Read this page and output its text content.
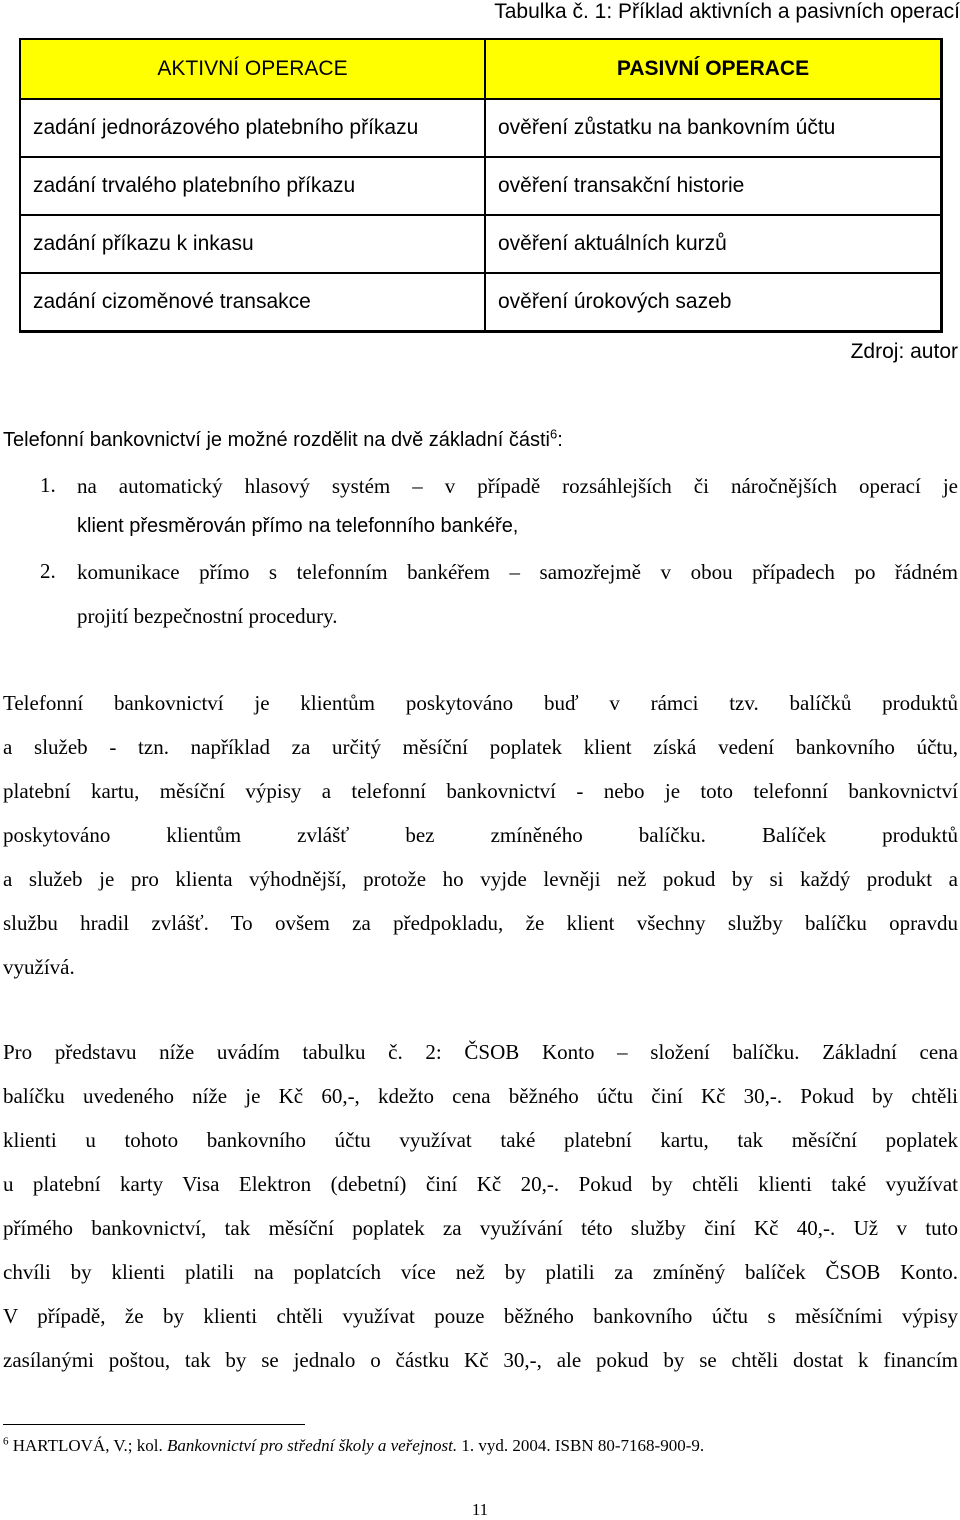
Tabulka č. 1: Příklad aktivních a pasivních operací
AKTIVNÍ OPERACE	PASIVNÍ OPERACE
zadání jednorázového platebního příkazu	ověření zůstatku na bankovním účtu
zadání trvalého platebního příkazu	ověření transakční historie
zadání příkazu k inkasu	ověření aktuálních kurzů
zadání cizoměnové transakce	ověření úrokových sazeb
Zdroj: autor
Telefonní bankovnictví je možné rozdělit na dvě základní části$^6$:
1. na automatický hlasový systém – v případě rozsáhlejších či náročnějších operací je
klient přesměrován přímo na telefonního bankéře,
2. komunikace přímo s telefonním bankéřem – samozřejmě v obou případech po řádném
projití bezpečnostní procedury.
Telefonní bankovnictví je klientům poskytováno buď v rámci tzv. balíčků produktů
a služeb - tzn. například za určitý měsíční poplatek klient získá vedení bankovního účtu,
platební kartu, měsíční výpisy a telefonní bankovnictví - nebo je toto telefonní bankovnictví
poskytováno klientům zvlášť bez zmíněného balíčku. Balíček produktů
a služeb je pro klienta výhodnější, protože ho vyjde levněji než pokud by si každý produkt a
službu hradil zvlášť. To ovšem za předpokladu, že klient všechny služby balíčku opravdu
využívá.
Pro představu níže uvádím tabulku č. 2: ČSOB Konto – složení balíčku. Základní cena
balíčku uvedeného níže je Kč 60,-, kdežto cena běžného účtu činí Kč 30,-. Pokud by chtěli
klienti u tohoto bankovního účtu využívat také platební kartu, tak měsíční poplatek
u platební karty Visa Elektron (debetní) činí Kč 20,-. Pokud by chtěli klienti také využívat
přímého bankovnictví, tak měsíční poplatek za využívání této služby činí Kč 40,-. Už v tuto
chvíli by klienti platili na poplatcích více než by platili za zmíněný balíček ČSOB Konto.
V případě, že by klienti chtěli využívat pouze běžného bankovního účtu s měsíčními výpisy
zasílanými poštou, tak by se jednalo o částku Kč 30,-, ale pokud by se chtěli dostat k financím
$^6$ HARTLOVÁ, V.; kol. Bankovnictví pro střední školy a veřejnost. 1. vyd. 2004. ISBN 80-7168-900-9.
11
